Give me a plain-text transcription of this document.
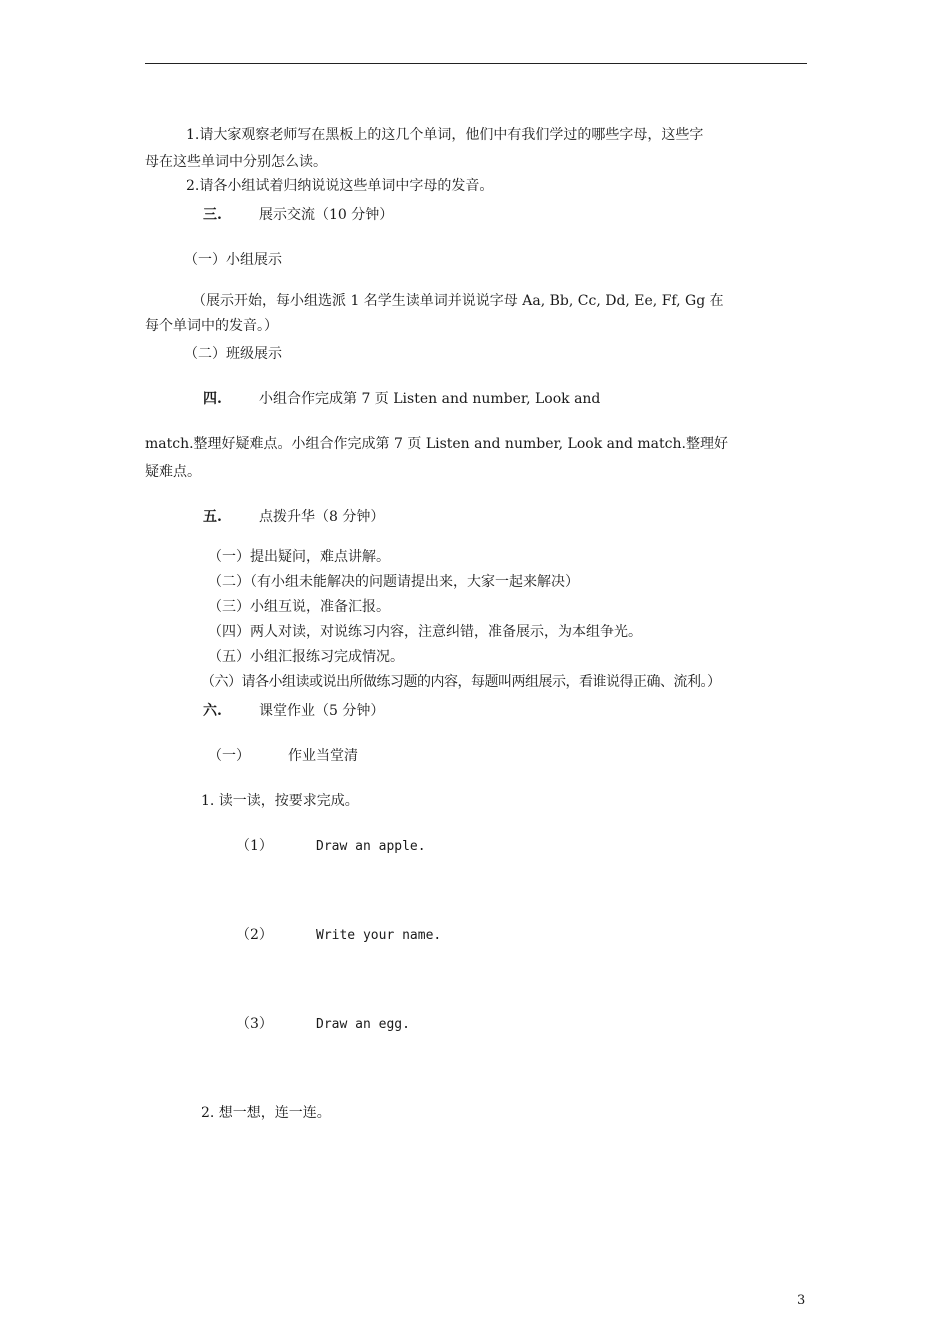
1.请大家观察老师写在黑板上的这几个单词，他们中有我们学过的哪些字母，这些字
母在这些单词中分别怎么读。
2.请各小组试着归纳说说这些单词中字母的发音。
三.	展示交流（10 分钟）
（一）小组展示
（展示开始，每小组选派 1 名学生读单词并说说字母 Aa, Bb, Cc, Dd, Ee, Ff, Gg 在
每个单词中的发音。）
（二）班级展示
四.	小组合作完成第 7 页 Listen and number, Look and
match.整理好疑难点。小组合作完成第 7 页 Listen and number, Look and match.整理好
疑难点。
五.	点拨升华（8 分钟）
（一）提出疑问，难点讲解。
（二）（有小组未能解决的问题请提出来，大家一起来解决）
（三）小组互说，准备汇报。
（四）两人对读，对说练习内容，注意纠错，准备展示，为本组争光。
（五）小组汇报练习完成情况。
（六）请各小组读或说出所做练习题的内容，每题叫两组展示，看谁说得正确、流利。）
六.	课堂作业（5 分钟）
（一）	作业当堂清
1. 读一读，按要求完成。
（1）	Draw an apple.
（2）	Write your name.
（3）	Draw an egg.
2. 想一想，连一连。
3
